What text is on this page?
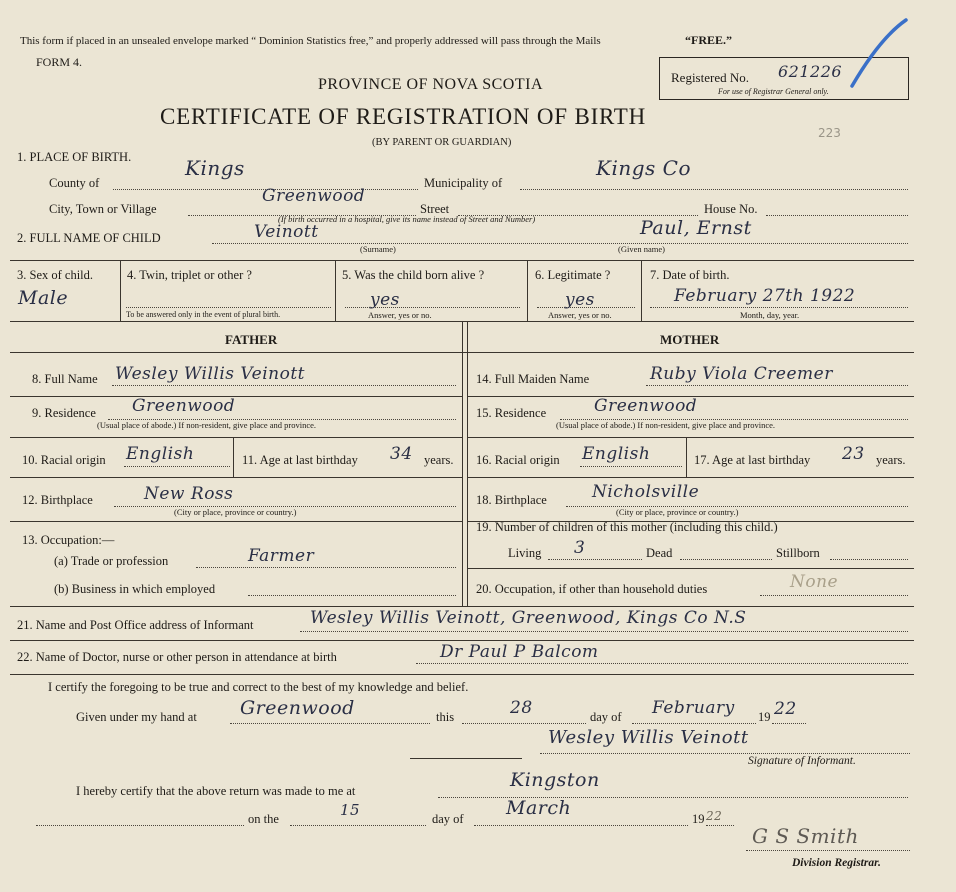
This form if placed in an unsealed envelope marked “ Dominion Statistics free,” and properly addressed will pass through the Mails	“FREE.”
FORM 4.
PROVINCE OF NOVA SCOTIA
CERTIFICATE OF REGISTRATION OF BIRTH
(BY PARENT OR GUARDIAN)
Registered No. 621226
For use of Registrar General only.
223
1. PLACE OF BIRTH.
County of
Kings
Municipality of
Kings Co
City, Town or Village
Greenwood
Street	House No.
(If birth occurred in a hospital, give its name instead of Street and Number)
2. FULL NAME OF CHILD	Veinott
(Surname)
Paul, Ernst
(Given name)
3. Sex of child.
Male
4. Twin, triplet or other ?
To be answered only in the event of plural birth.
5. Was the child born alive ?
yes
Answer, yes or no.
6. Legitimate ?
yes
Answer, yes or no.
7. Date of birth.
February 27th 1922
Month, day, year.
FATHER	MOTHER
8. Full Name Wesley Willis Veinott
9. Residence Greenwood
(Usual place of abode.) If non-resident, give place and province.
10. Racial origin English	11. Age at last birthday 34 years.
12. Birthplace	New Ross
(City or place, province or country.)
13. Occupation:—
(a) Trade or profession	Farmer
(b) Business in which employed
14. Full Maiden Name	Ruby Viola Creemer
15. Residence	Greenwood
(Usual place of abode.) If non-resident, give place and province.
16. Racial origin English	17. Age at last birthday 23 years.
18. Birthplace	Nicholsville
(City or place, province or country.)
19. Number of children of this mother (including this child.)
Living 3	Dead	Stillborn
20. Occupation, if other than household duties	None
21. Name and Post Office address of Informant	Wesley Willis Veinott, Greenwood, Kings Co N.S
22. Name of Doctor, nurse or other person in attendance at birth	Dr Paul P Balcom
I certify the foregoing to be true and correct to the best of my knowledge and belief.
Given under my hand at Greenwood	this	28	day of February 19 22
Wesley Willis Veinott
Signature of Informant.
I hereby certify that the above return was made to me at	Kingston
on the	15	day of March	19 22
G S Smith
Division Registrar.
